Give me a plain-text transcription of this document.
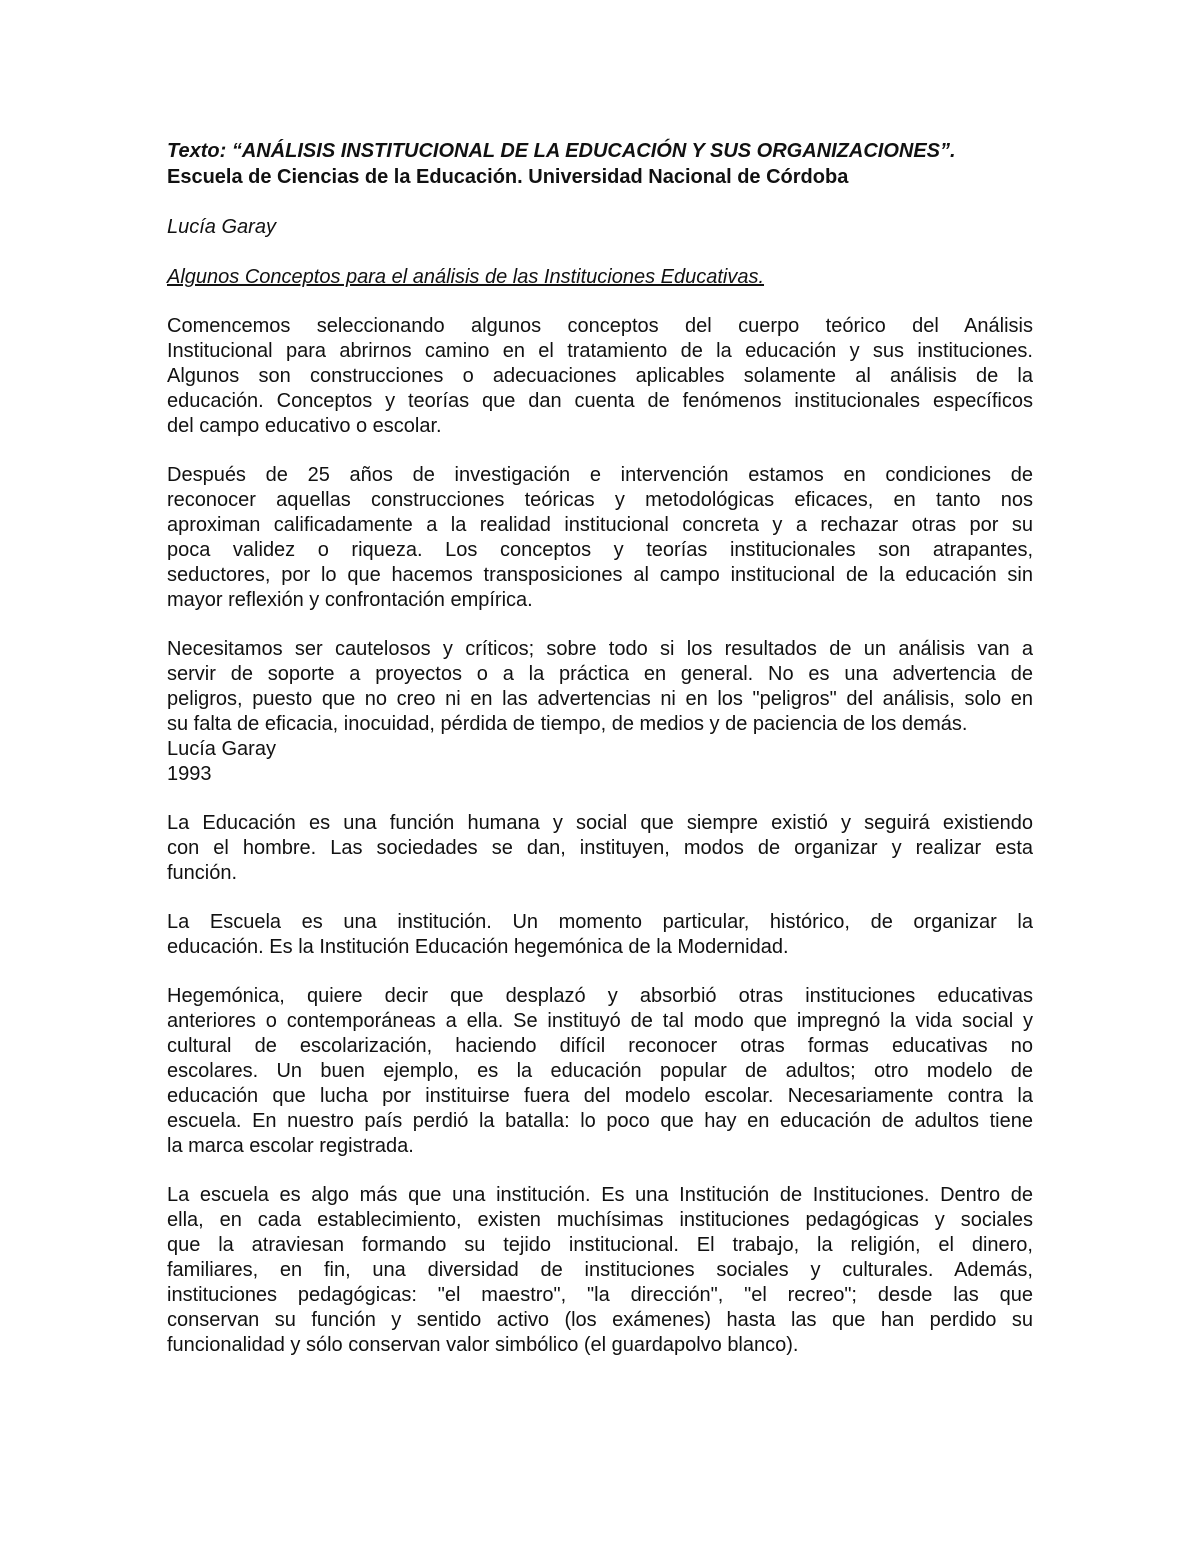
Texto: “ANÁLISIS INSTITUCIONAL DE LA EDUCACIÓN Y SUS ORGANIZACIONES”.

Escuela de Ciencias de la Educación. Universidad Nacional de Córdoba

Lucía Garay

Algunos Conceptos para el análisis de las Instituciones Educativas.

Comencemos seleccionando algunos conceptos del cuerpo teórico del Análisis
Institucional para abrirnos camino en el tratamiento de la educación y sus instituciones.
Algunos son construcciones o adecuaciones aplicables solamente al análisis de la
educación. Conceptos y teorías que dan cuenta de fenómenos institucionales específicos
del campo educativo o escolar.
Después de 25 años de investigación e intervención estamos en condiciones de
reconocer aquellas construcciones teóricas y metodológicas eficaces, en tanto nos
aproximan calificadamente a la realidad institucional concreta y a rechazar otras por su
poca validez o riqueza. Los conceptos y teorías institucionales son atrapantes,
seductores, por lo que hacemos transposiciones al campo institucional de la educación sin
mayor reflexión y confrontación empírica.
Necesitamos ser cautelosos y críticos; sobre todo si los resultados de un análisis van a
servir de soporte a proyectos o a la práctica en general. No es una advertencia de
peligros, puesto que no creo ni en las advertencias ni en los "peligros" del análisis, solo en
su falta de eficacia, inocuidad, pérdida de tiempo, de medios y de paciencia de los demás.
Lucía Garay
1993
La Educación es una función humana y social que siempre existió y seguirá existiendo
con el hombre. Las sociedades se dan, instituyen, modos de organizar y realizar esta
función.
La Escuela es una institución. Un momento particular, histórico, de organizar la
educación. Es la Institución Educación hegemónica de la Modernidad.
Hegemónica, quiere decir que desplazó y absorbió otras instituciones educativas
anteriores o contemporáneas a ella. Se instituyó de tal modo que impregnó la vida social y
cultural de escolarización, haciendo difícil reconocer otras formas educativas no
escolares. Un buen ejemplo, es la educación popular de adultos; otro modelo de
educación que lucha por instituirse fuera del modelo escolar. Necesariamente contra la
escuela. En nuestro país perdió la batalla: lo poco que hay en educación de adultos tiene
la marca escolar registrada.
La escuela es algo más que una institución. Es una Institución de Instituciones. Dentro de
ella, en cada establecimiento, existen muchísimas instituciones pedagógicas y sociales
que la atraviesan formando su tejido institucional. El trabajo, la religión, el dinero,
familiares, en fin, una diversidad de instituciones sociales y culturales. Además,
instituciones pedagógicas: "el maestro", "la dirección", "el recreo"; desde las que
conservan su función y sentido activo (los exámenes) hasta las que han perdido su
funcionalidad y sólo conservan valor simbólico (el guardapolvo blanco).
